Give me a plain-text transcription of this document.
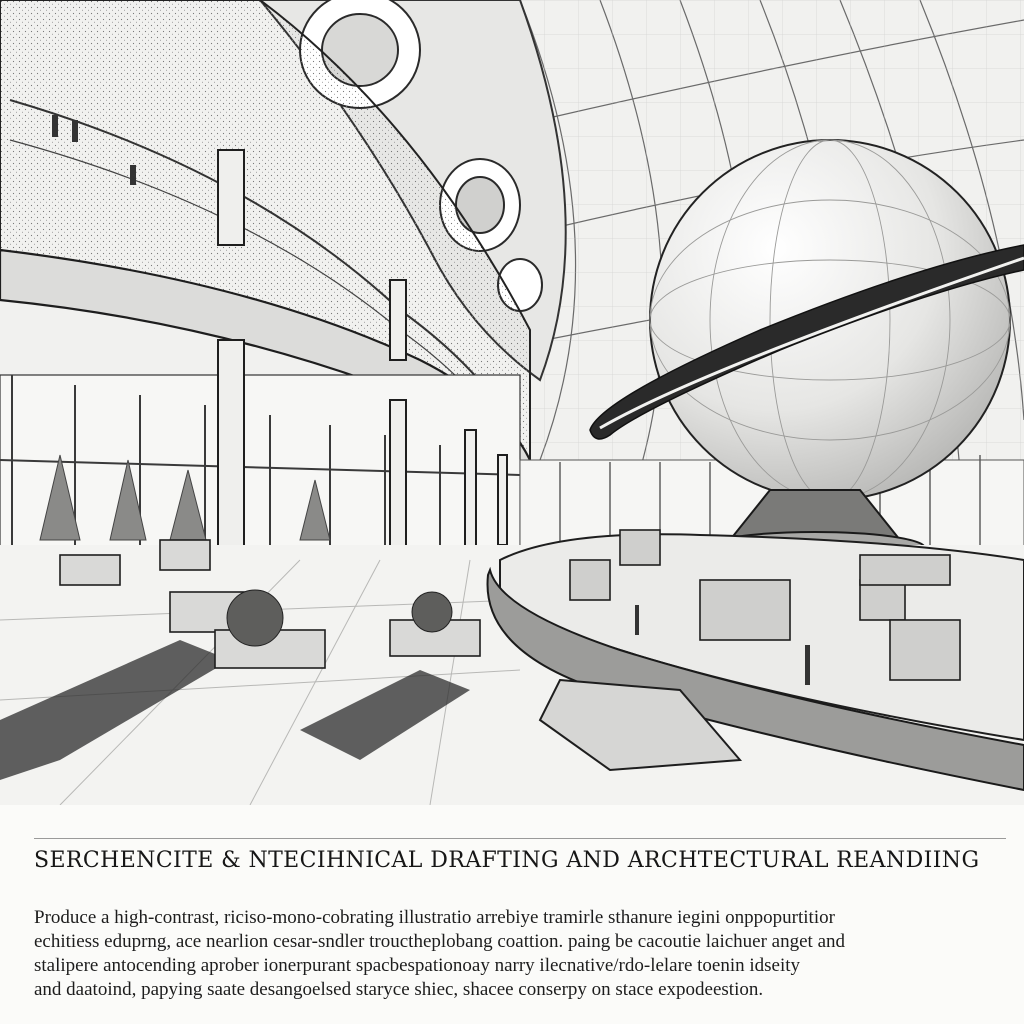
SERCHENCITE & NTECIHNICAL DRAFTING AND ARCHTECTURAL REANDIING
Produce a high-contrast, riciso-mono-cobrating illustratio arrebiye tramirle sthanure iegini onppopurtitior
echitiess eduprng, ace nearlion cesar-sndler trouctheplobang coattion. paing be cacoutie laichuer anget and
stalipere antocending aprober ionerpurant spacbespationoay narry ilecnative/rdo-lelare toenin idseity
and daatoind, papying saate desangoelsed staryce shiec, shacee conserpy on stace expodeestion.
